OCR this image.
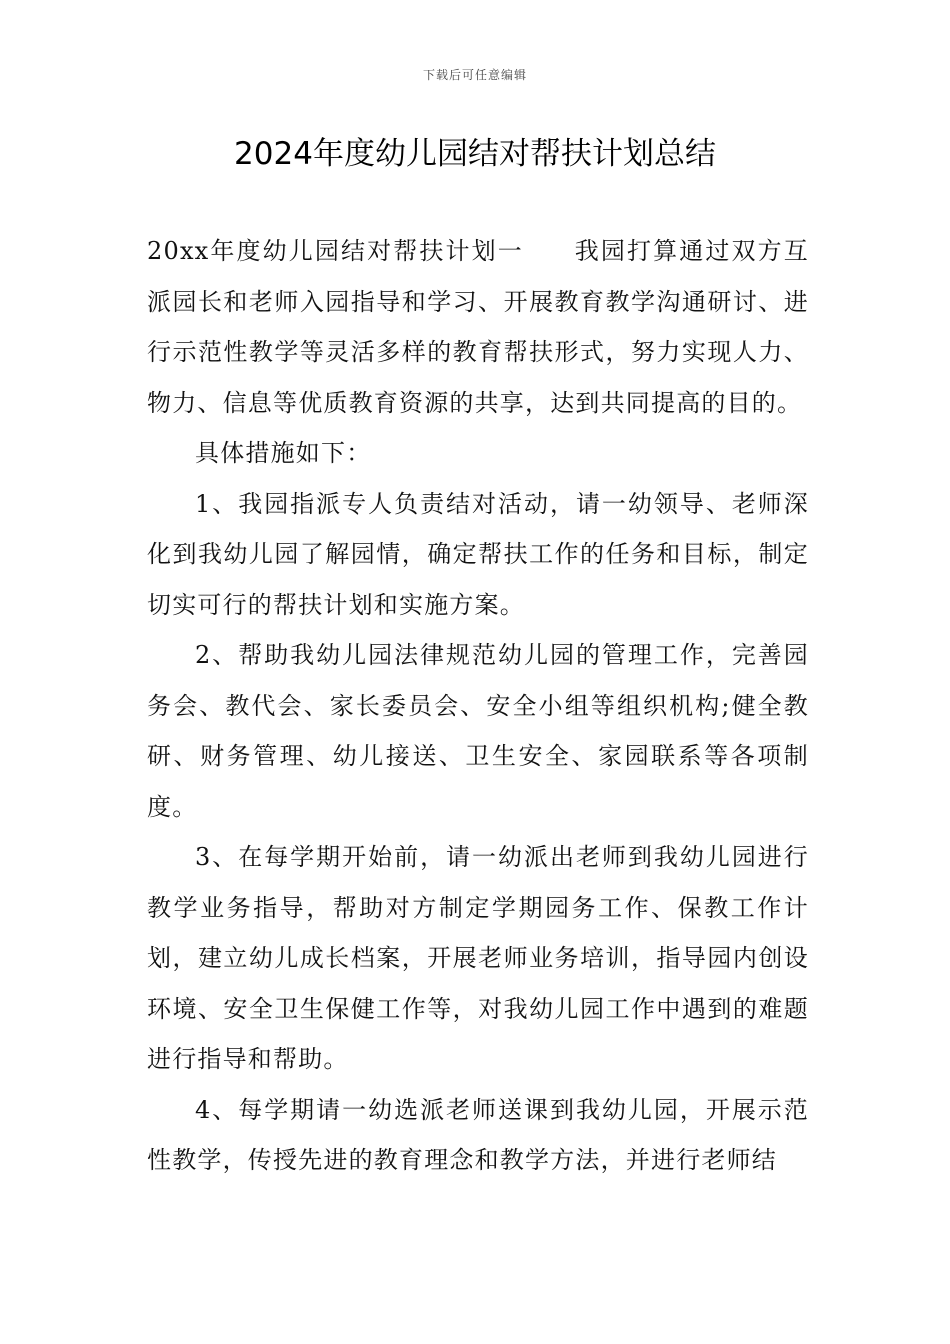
下载后可任意编辑
2024年度幼儿园结对帮扶计划总结

20xx年度幼儿园结对帮扶计划一 我园打算通过双方互派园长和老师入园指导和学习、开展教育教学沟通研讨、进行示范性教学等灵活多样的教育帮扶形式，努力实现人力、物力、信息等优质教育资源的共享，达到共同提高的目的。

具体措施如下：

1、我园指派专人负责结对活动，请一幼领导、老师深化到我幼儿园了解园情，确定帮扶工作的任务和目标，制定切实可行的帮扶计划和实施方案。

2、帮助我幼儿园法律规范幼儿园的管理工作，完善园务会、教代会、家长委员会、安全小组等组织机构;健全教研、财务管理、幼儿接送、卫生安全、家园联系等各项制度。

3、在每学期开始前，请一幼派出老师到我幼儿园进行教学业务指导，帮助对方制定学期园务工作、保教工作计划，建立幼儿成长档案，开展老师业务培训，指导园内创设环境、安全卫生保健工作等，对我幼儿园工作中遇到的难题进行指导和帮助。

4、每学期请一幼选派老师送课到我幼儿园，开展示范性教学，传授先进的教育理念和教学方法，并进行老师结
